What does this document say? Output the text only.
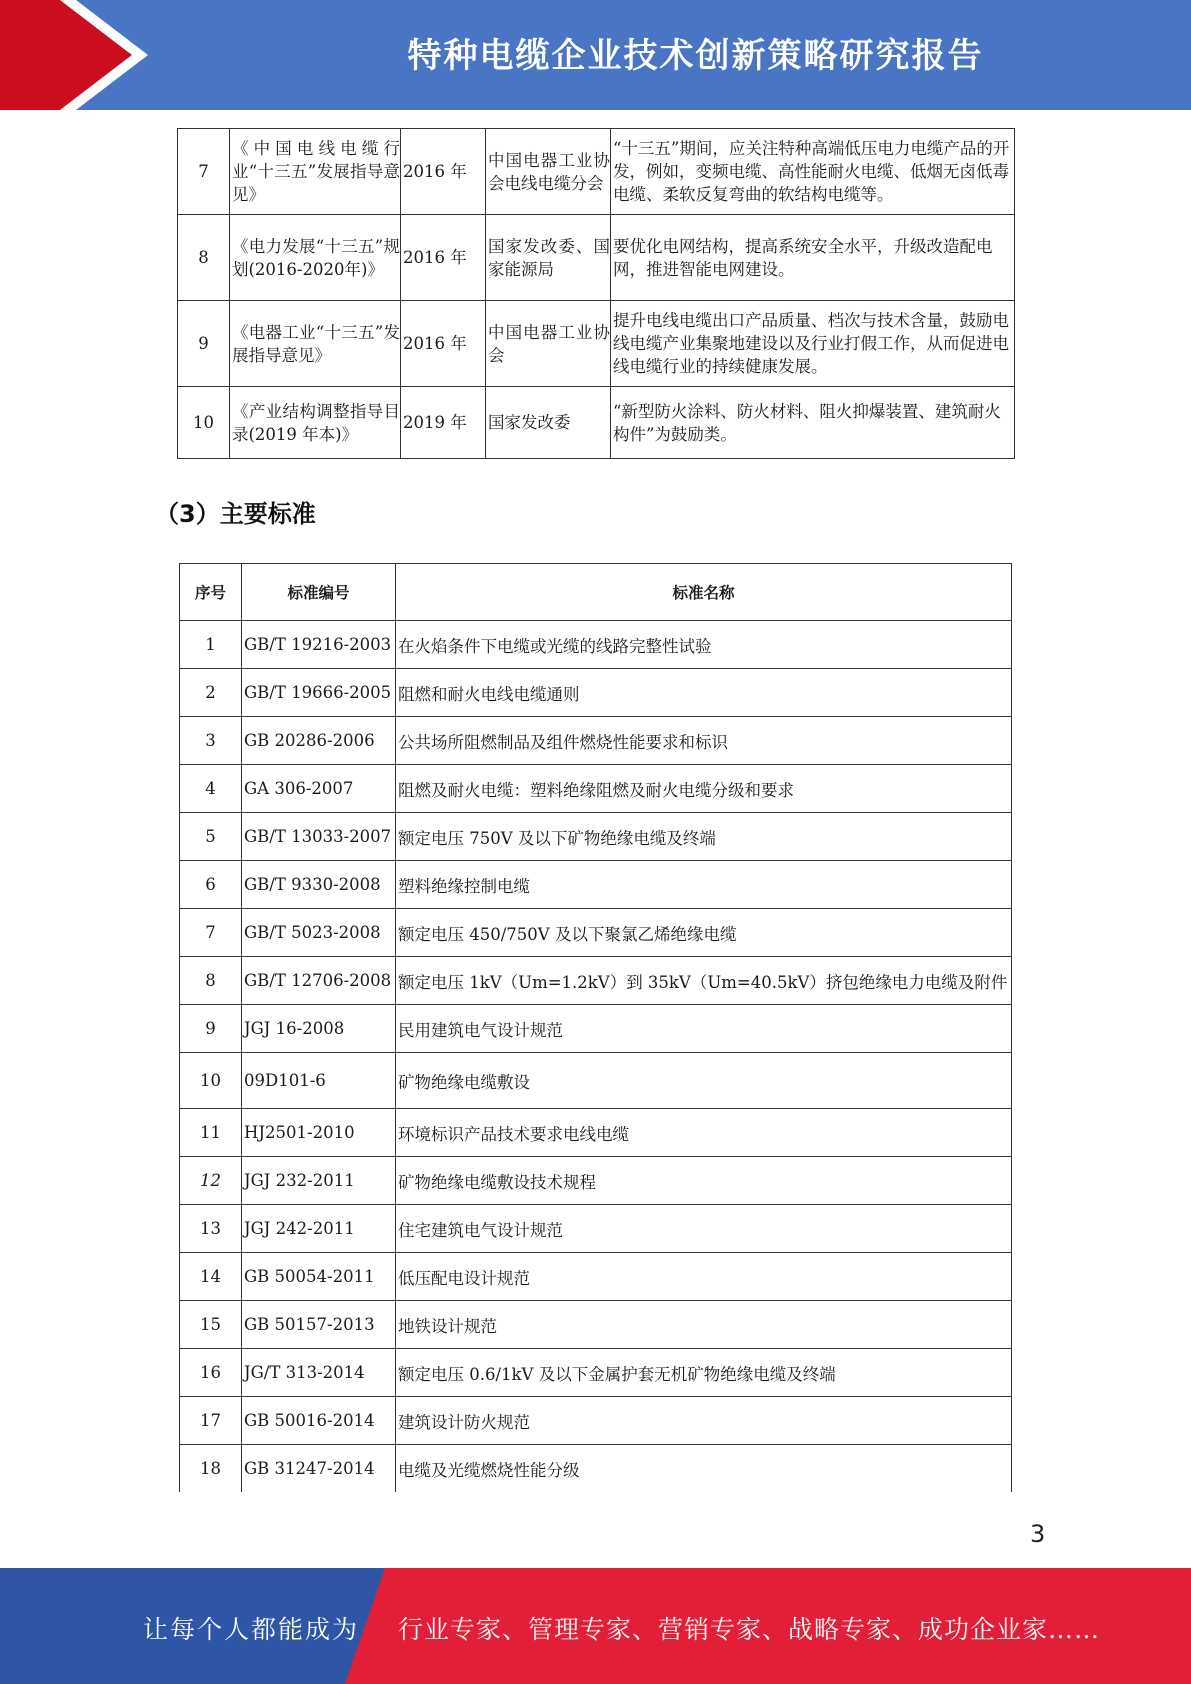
特种电缆企业技术创新策略研究报告
7	《中国电线电缆行业“十三五”发展指导意见》	2016 年	中国电器工业协会电线电缆分会	“十三五”期间，应关注特种高端低压电力电缆产品的开发，例如，变频电缆、高性能耐火电缆、低烟无卤低毒电缆、柔软反复弯曲的软结构电缆等。
8	《电力发展“十三五”规划(2016-2020年)》	2016 年	国家发改委、国家能源局	要优化电网结构，提高系统安全水平，升级改造配电网，推进智能电网建设。
9	《电器工业“十三五”发展指导意见》	2016 年	中国电器工业协会	提升电线电缆出口产品质量、档次与技术含量，鼓励电线电缆产业集聚地建设以及行业打假工作，从而促进电线电缆行业的持续健康发展。
10	《产业结构调整指导目录(2019 年本)》	2019 年	国家发改委	“新型防火涂料、防火材料、阻火抑爆装置、建筑耐火构件”为鼓励类。
（3）主要标准
序号	标准编号	标准名称
1	GB/T 19216-2003	在火焰条件下电缆或光缆的线路完整性试验
2	GB/T 19666-2005	阻燃和耐火电线电缆通则
3	GB 20286-2006	公共场所阻燃制品及组件燃烧性能要求和标识
4	GA 306-2007	阻燃及耐火电缆：塑料绝缘阻燃及耐火电缆分级和要求
5	GB/T 13033-2007	额定电压 750V 及以下矿物绝缘电缆及终端
6	GB/T 9330-2008	塑料绝缘控制电缆
7	GB/T 5023-2008	额定电压 450/750V 及以下聚氯乙烯绝缘电缆
8	GB/T 12706-2008	额定电压 1kV（Um=1.2kV）到 35kV（Um=40.5kV）挤包绝缘电力电缆及附件
9	JGJ 16-2008	民用建筑电气设计规范
10	09D101-6	矿物绝缘电缆敷设
11	HJ2501-2010	环境标识产品技术要求电线电缆
12	JGJ 232-2011	矿物绝缘电缆敷设技术规程
13	JGJ 242-2011	住宅建筑电气设计规范
14	GB 50054-2011	低压配电设计规范
15	GB 50157-2013	地铁设计规范
16	JG/T 313-2014	额定电压 0.6/1kV 及以下金属护套无机矿物绝缘电缆及终端
17	GB 50016-2014	建筑设计防火规范
18	GB 31247-2014	电缆及光缆燃烧性能分级
3
让每个人都能成为 行业专家、管理专家、营销专家、战略专家、成功企业家……
